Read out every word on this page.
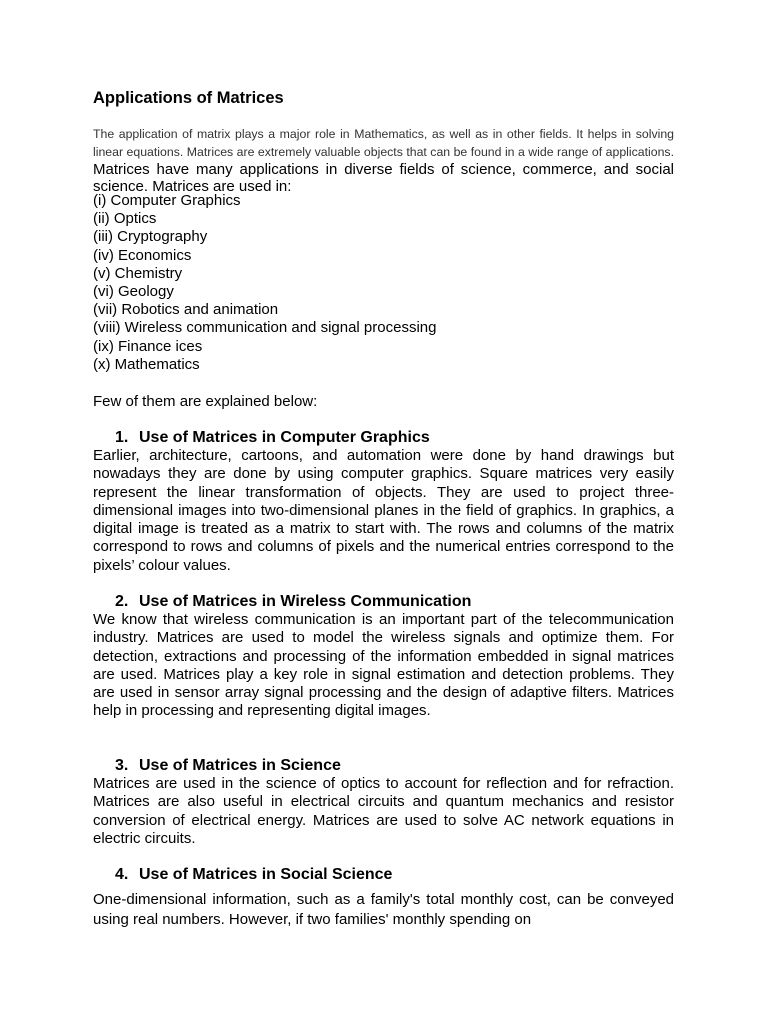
Applications of Matrices

The application of matrix plays a major role in Mathematics, as well as in other fields. It helps in solving linear equations. Matrices are extremely valuable objects that can be found in a wide range of applications. Matrices have many applications in diverse fields of science, commerce, and social science. Matrices are used in:

(i) Computer Graphics
(ii) Optics
(iii) Cryptography
(iv) Economics
(v) Chemistry
(vi) Geology
(vii) Robotics and animation
(viii) Wireless communication and signal processing
(ix) Finance ices
(x) Mathematics

Few of them are explained below:

1. Use of Matrices in Computer Graphics

Earlier, architecture, cartoons, and automation were done by hand drawings but nowadays they are done by using computer graphics. Square matrices very easily represent the linear transformation of objects. They are used to project three-dimensional images into two-dimensional planes in the field of graphics. In graphics, a digital image is treated as a matrix to start with. The rows and columns of the matrix correspond to rows and columns of pixels and the numerical entries correspond to the pixels’ colour values.

2. Use of Matrices in Wireless Communication

We know that wireless communication is an important part of the telecommunication industry. Matrices are used to model the wireless signals and optimize them. For detection, extractions and processing of the information embedded in signal matrices are used. Matrices play a key role in signal estimation and detection problems. They are used in sensor array signal processing and the design of adaptive filters. Matrices help in processing and representing digital images.

3. Use of Matrices in Science

Matrices are used in the science of optics to account for reflection and for refraction. Matrices are also useful in electrical circuits and quantum mechanics and resistor conversion of electrical energy. Matrices are used to solve AC network equations in electric circuits.

4. Use of Matrices in Social Science

One-dimensional information, such as a family's total monthly cost, can be conveyed using real numbers. However, if two families' monthly spending on
